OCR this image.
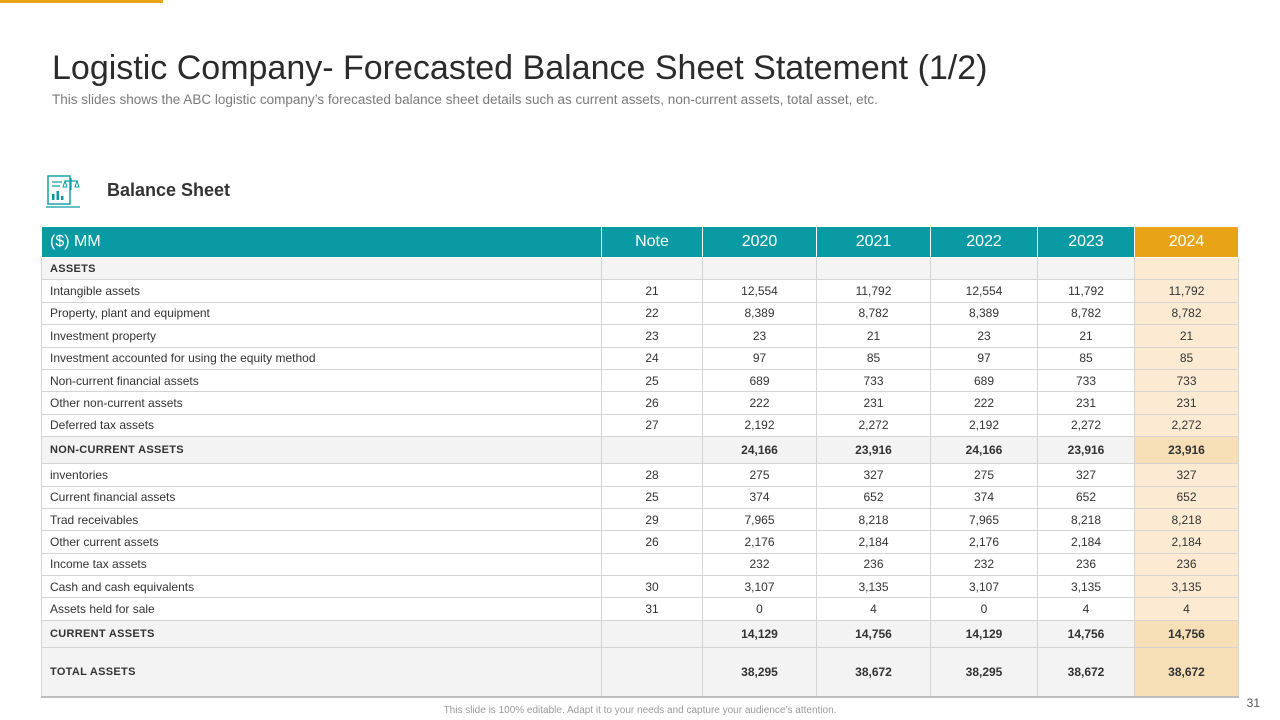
Logistic Company- Forecasted Balance Sheet Statement (1/2)
This slides shows the ABC logistic company’s forecasted balance sheet details such as current assets, non-current assets, total asset, etc.
Balance Sheet
($) MM	Note	2020	2021	2022	2023	2024
ASSETS						
Intangible assets	21	12,554	11,792	12,554	11,792	11,792
Property, plant and equipment	22	8,389	8,782	8,389	8,782	8,782
Investment property	23	23	21	23	21	21
Investment accounted for using the equity method	24	97	85	97	85	85
Non-current financial assets	25	689	733	689	733	733
Other non-current assets	26	222	231	222	231	231
Deferred tax assets	27	2,192	2,272	2,192	2,272	2,272
NON-CURRENT ASSETS		24,166	23,916	24,166	23,916	23,916
inventories	28	275	327	275	327	327
Current financial assets	25	374	652	374	652	652
Trad receivables	29	7,965	8,218	7,965	8,218	8,218
Other current assets	26	2,176	2,184	2,176	2,184	2,184
Income tax assets		232	236	232	236	236
Cash and cash equivalents	30	3,107	3,135	3,107	3,135	3,135
Assets held for sale	31	0	4	0	4	4
CURRENT ASSETS		14,129	14,756	14,129	14,756	14,756
TOTAL ASSETS		38,295	38,672	38,295	38,672	38,672
31
This slide is 100% editable. Adapt it to your needs and capture your audience’s attention.
